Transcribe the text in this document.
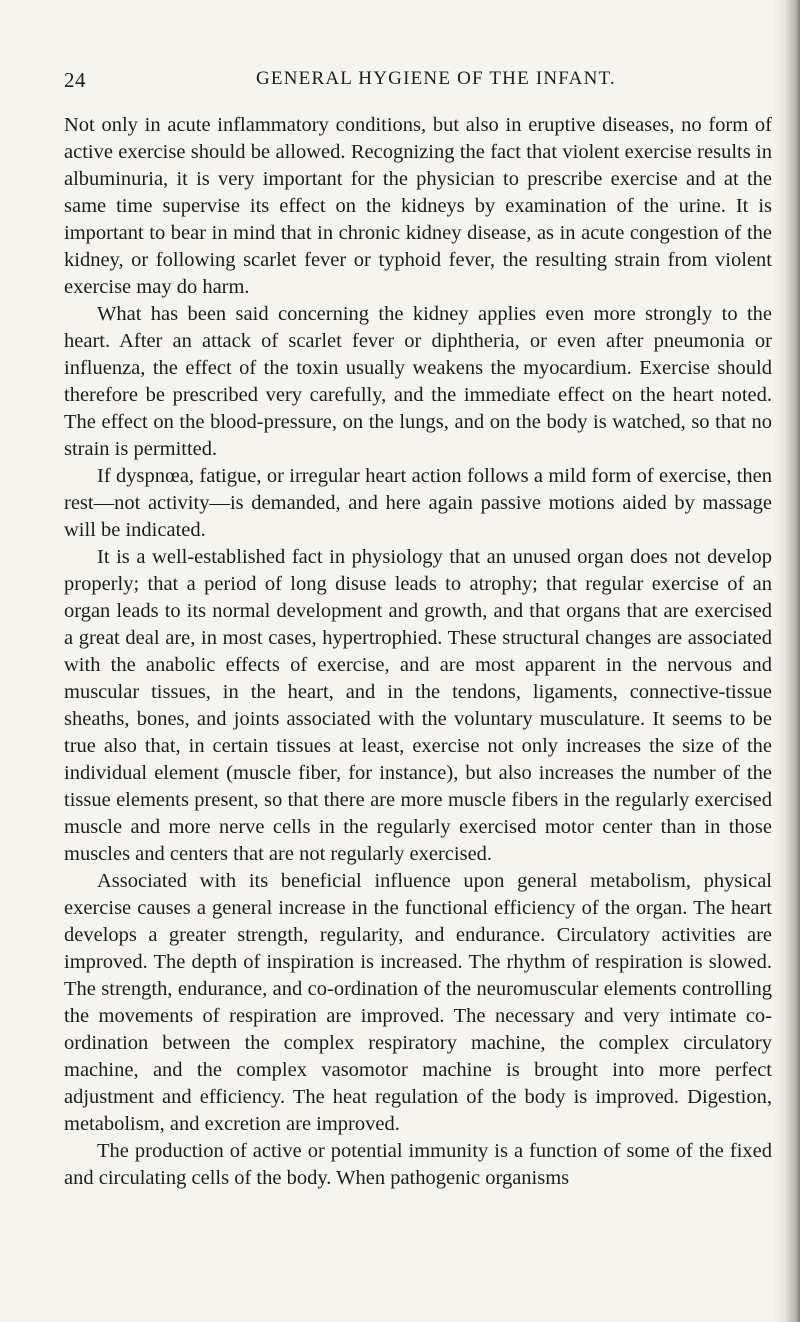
24	GENERAL HYGIENE OF THE INFANT.

Not only in acute inflammatory conditions, but also in eruptive diseases, no form of active exercise should be allowed. Recognizing the fact that violent exercise results in albuminuria, it is very important for the physician to prescribe exercise and at the same time supervise its effect on the kidneys by examination of the urine. It is important to bear in mind that in chronic kidney disease, as in acute congestion of the kidney, or following scarlet fever or typhoid fever, the resulting strain from violent exercise may do harm.

What has been said concerning the kidney applies even more strongly to the heart. After an attack of scarlet fever or diphtheria, or even after pneumonia or influenza, the effect of the toxin usually weakens the myocardium. Exercise should therefore be prescribed very carefully, and the immediate effect on the heart noted. The effect on the blood-pressure, on the lungs, and on the body is watched, so that no strain is permitted.

If dyspnœa, fatigue, or irregular heart action follows a mild form of exercise, then rest—not activity—is demanded, and here again passive motions aided by massage will be indicated.

It is a well-established fact in physiology that an unused organ does not develop properly; that a period of long disuse leads to atrophy; that regular exercise of an organ leads to its normal development and growth, and that organs that are exercised a great deal are, in most cases, hypertrophied. These structural changes are associated with the anabolic effects of exercise, and are most apparent in the nervous and muscular tissues, in the heart, and in the tendons, ligaments, connective-tissue sheaths, bones, and joints associated with the voluntary musculature. It seems to be true also that, in certain tissues at least, exercise not only increases the size of the individual element (muscle fiber, for instance), but also increases the number of the tissue elements present, so that there are more muscle fibers in the regularly exercised muscle and more nerve cells in the regularly exercised motor center than in those muscles and centers that are not regularly exercised.

Associated with its beneficial influence upon general metabolism, physical exercise causes a general increase in the functional efficiency of the organ. The heart develops a greater strength, regularity, and endurance. Circulatory activities are improved. The depth of inspiration is increased. The rhythm of respiration is slowed. The strength, endurance, and co-ordination of the neuromuscular elements controlling the movements of respiration are improved. The necessary and very intimate co-ordination between the complex respiratory machine, the complex circulatory machine, and the complex vasomotor machine is brought into more perfect adjustment and efficiency. The heat regulation of the body is improved. Digestion, metabolism, and excretion are improved.

The production of active or potential immunity is a function of some of the fixed and circulating cells of the body. When pathogenic organisms
